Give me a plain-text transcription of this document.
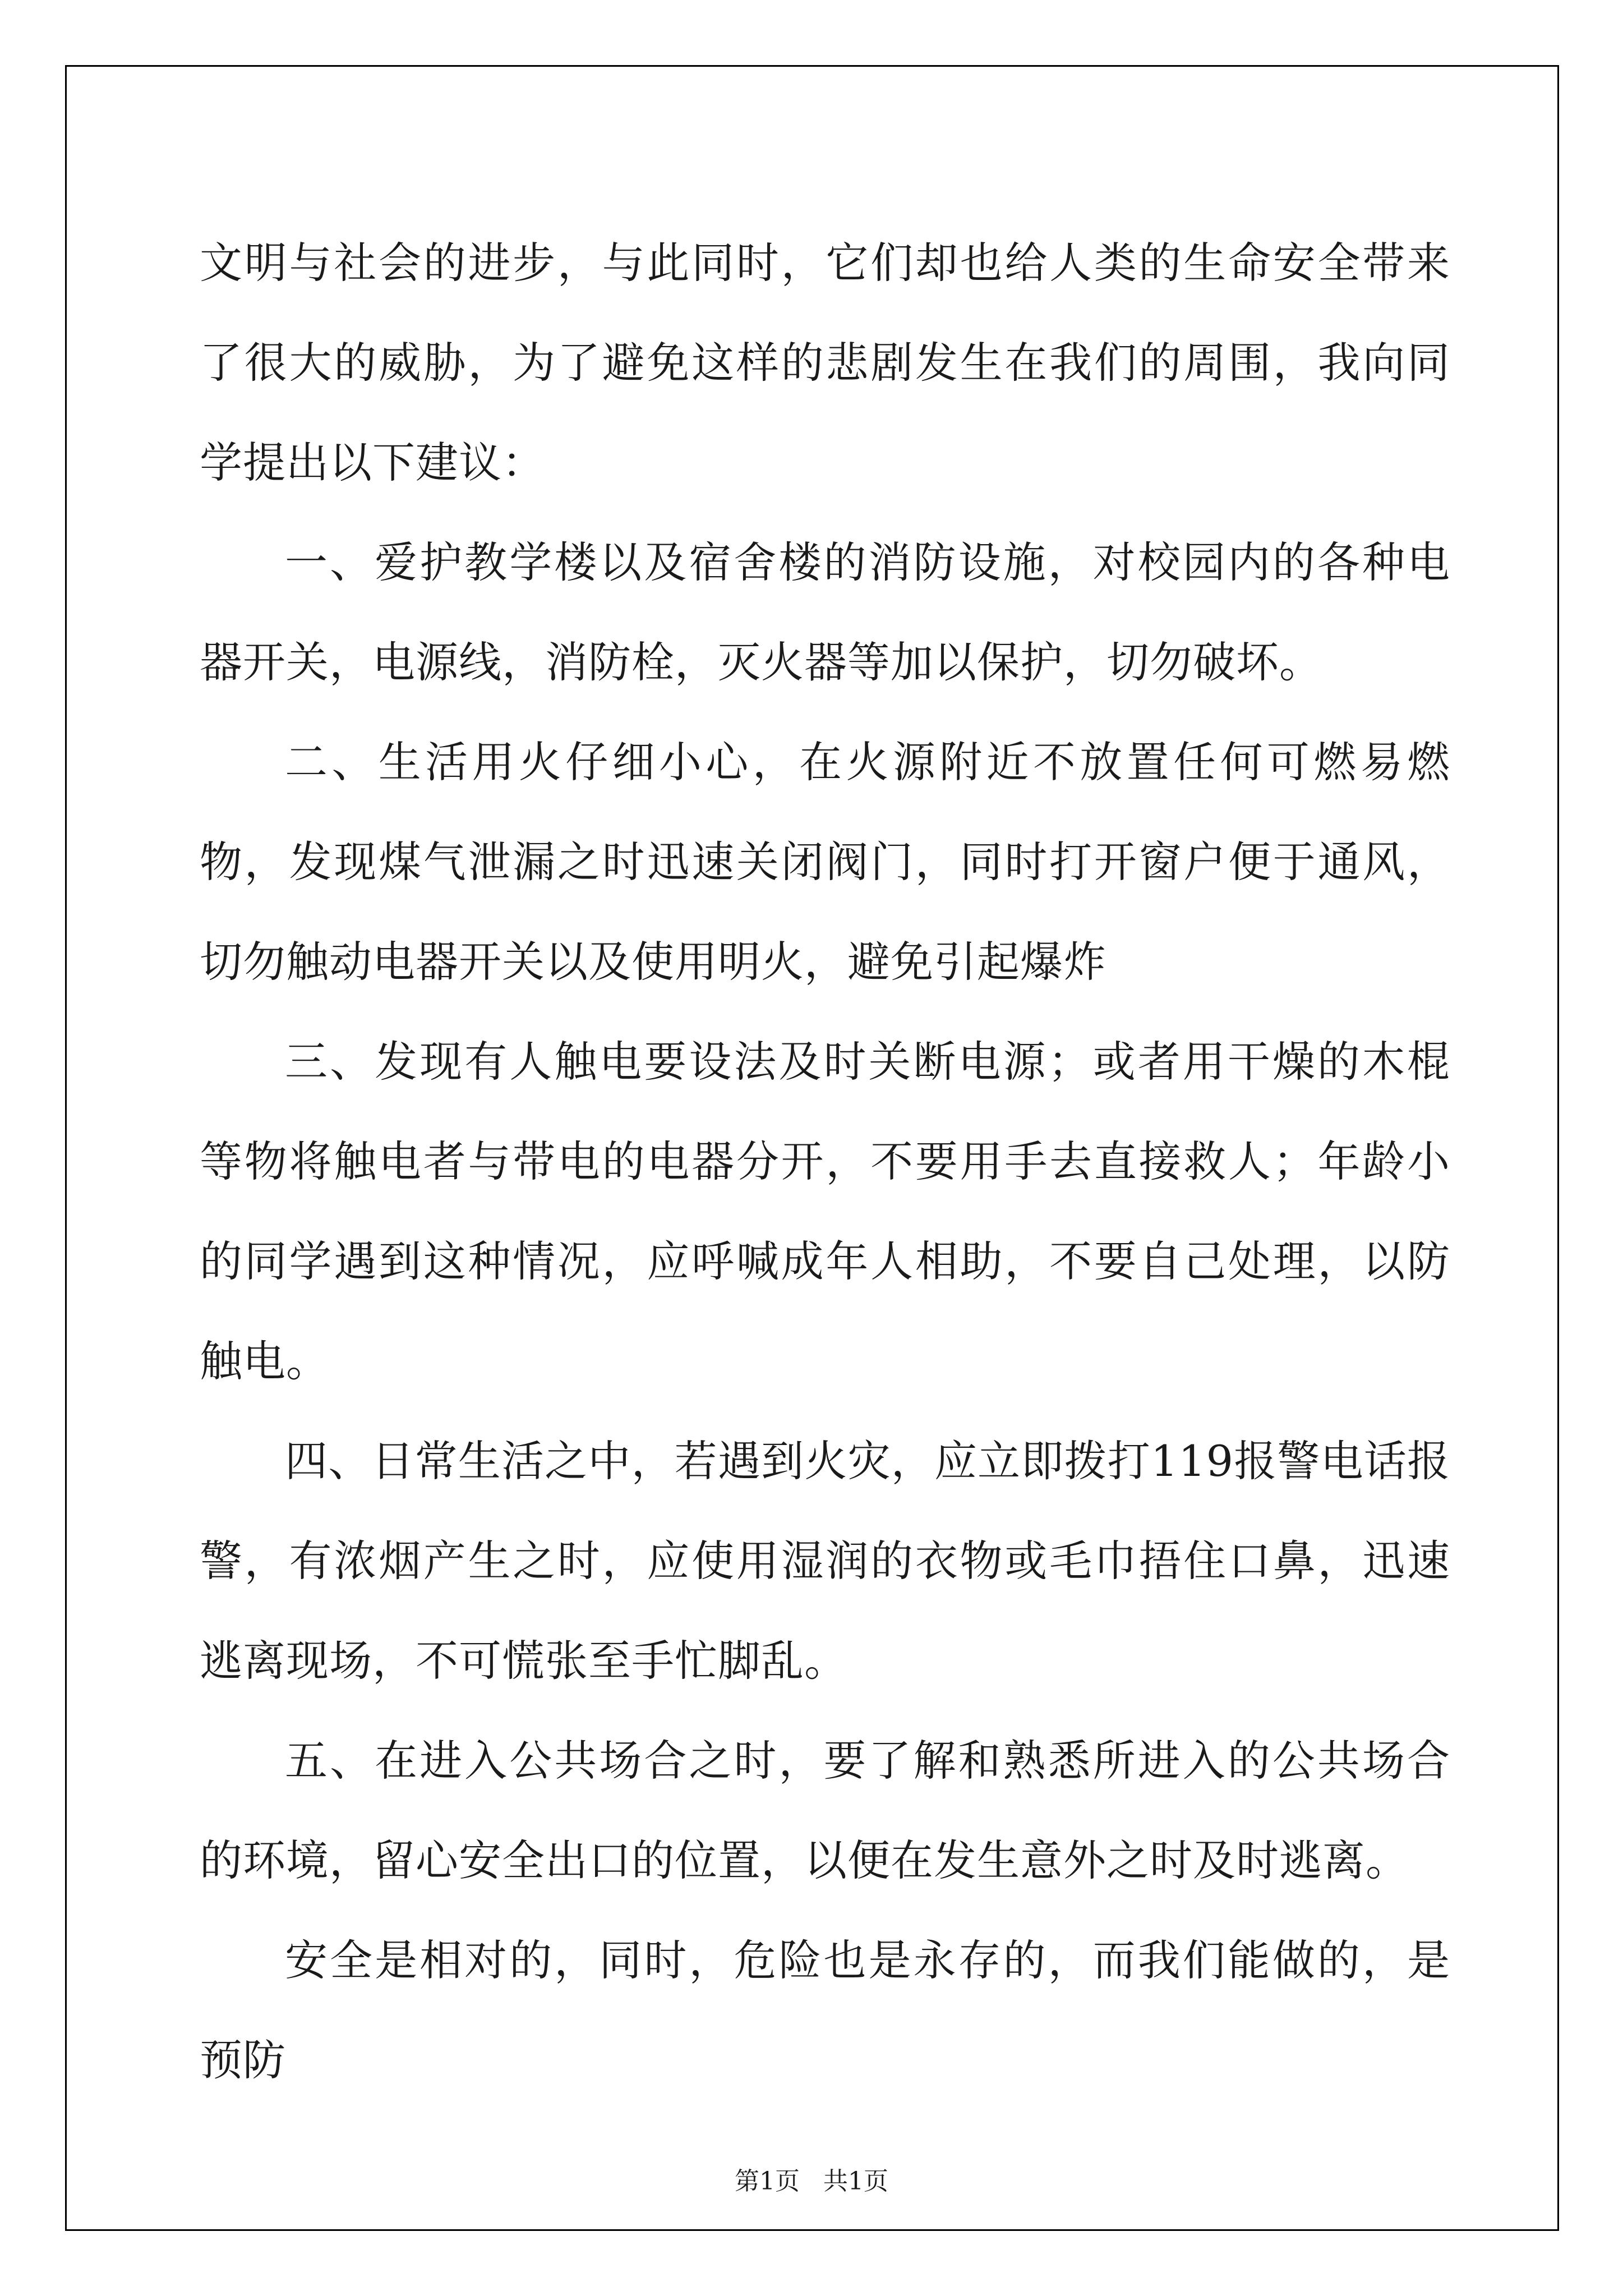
文明与社会的进步，与此同时，它们却也给人类的生命安全带来了很大的威胁，为了避免这样的悲剧发生在我们的周围，我向同学提出以下建议：

一、爱护教学楼以及宿舍楼的消防设施，对校园内的各种电器开关，电源线，消防栓，灭火器等加以保护，切勿破坏。

二、生活用火仔细小心，在火源附近不放置任何可燃易燃物，发现煤气泄漏之时迅速关闭阀门，同时打开窗户便于通风，切勿触动电器开关以及使用明火，避免引起爆炸

三、发现有人触电要设法及时关断电源；或者用干燥的木棍等物将触电者与带电的电器分开，不要用手去直接救人；年龄小的同学遇到这种情况，应呼喊成年人相助，不要自己处理，以防触电。

四、日常生活之中，若遇到火灾，应立即拨打119报警电话报警，有浓烟产生之时，应使用湿润的衣物或毛巾捂住口鼻，迅速逃离现场，不可慌张至手忙脚乱。

五、在进入公共场合之时，要了解和熟悉所进入的公共场合的环境，留心安全出口的位置，以便在发生意外之时及时逃离。

安全是相对的，同时，危险也是永存的，而我们能做的，是预防

第1页   共1页
